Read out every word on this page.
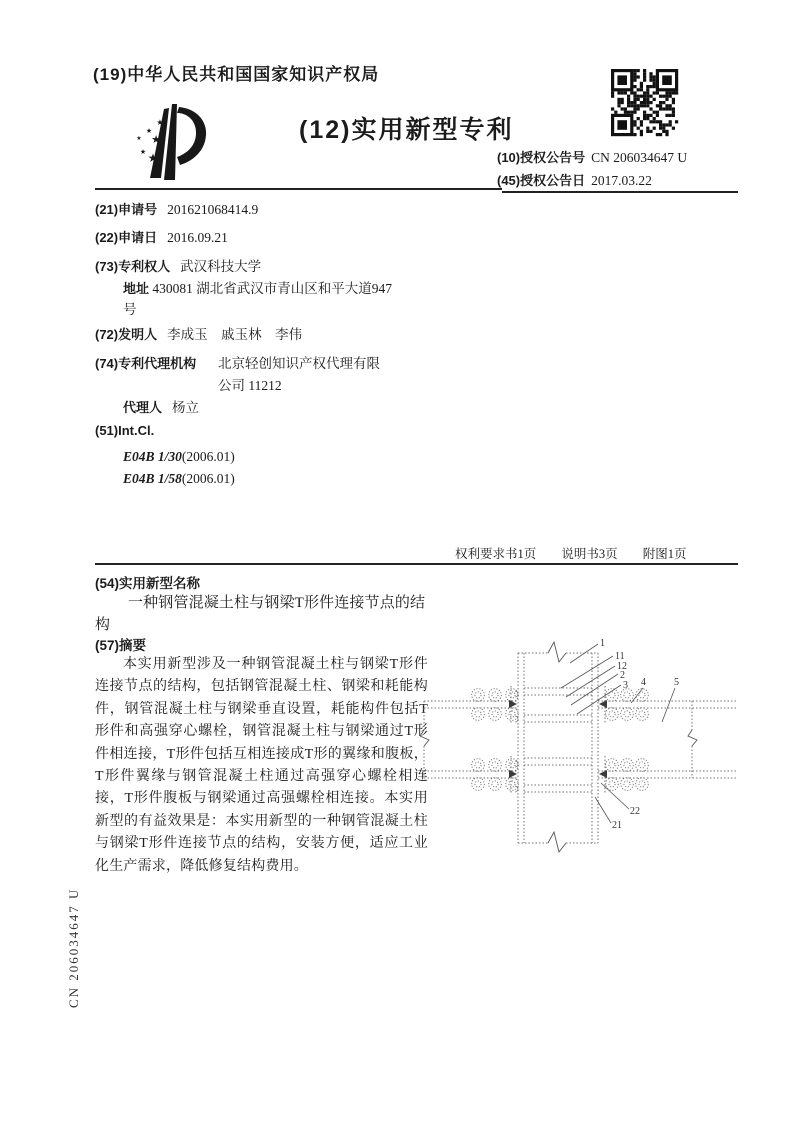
(19)中华人民共和国国家知识产权局
★
★
★ ★
★ ★
(12)实用新型专利
(10)授权公告号 CN 206034647 U
(45)授权公告日 2017.03.22
(21)申请号 201621068414.9
(22)申请日 2016.09.21
(73)专利权人 武汉科技大学
地址 430081 湖北省武汉市青山区和平大道947号
(72)发明人 李成玉　戚玉林　李伟
(74)专利代理机构 北京轻创知识产权代理有限公司 11212
代理人 杨立
(51)Int.Cl.
E04B 1/30(2006.01)
E04B 1/58(2006.01)
权利要求书1页 说明书3页 附图1页
(54)实用新型名称
一种钢管混凝土柱与钢梁T形件连接节点的结构
(57)摘要
本实用新型涉及一种钢管混凝土柱与钢梁T形件连接节点的结构，包括钢管混凝土柱、钢梁和耗能构件，钢管混凝土柱与钢梁垂直设置，耗能构件包括T形件和高强穿心螺栓，钢管混凝土柱与钢梁通过T形件相连接，T形件包括互相连接成T形的翼缘和腹板，T形件翼缘与钢管混凝土柱通过高强穿心螺栓相连接，T形件腹板与钢梁通过高强螺栓相连接。本实用新型的有益效果是：本实用新型的一种钢管混凝土柱与钢梁T形件连接节点的结构，安装方便，适应工业化生产需求，降低修复结构费用。
1
11
12
2
3 4	5
22
21
CN 206034647 U
